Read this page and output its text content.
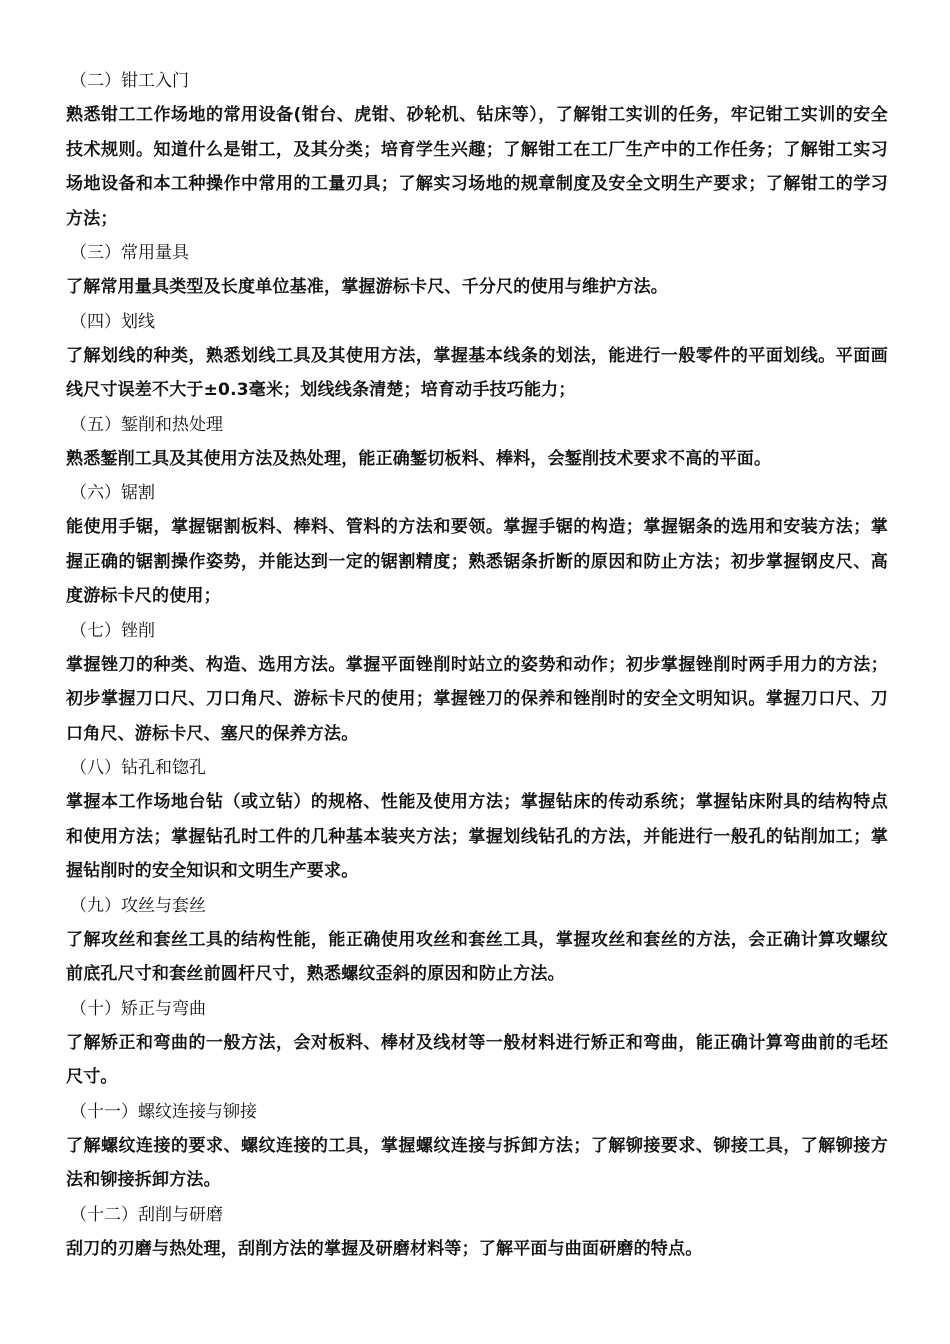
（二）钳工入门
熟悉钳工工作场地的常用设备(钳台、虎钳、砂轮机、钻床等），了解钳工实训的任务，牢记钳工实训的安全技术规则。知道什么是钳工，及其分类；培育学生兴趣；了解钳工在工厂生产中的工作任务；了解钳工实习场地设备和本工种操作中常用的工量刃具；了解实习场地的规章制度及安全文明生产要求；了解钳工的学习方法；
（三）常用量具
了解常用量具类型及长度单位基准，掌握游标卡尺、千分尺的使用与维护方法。
（四）划线
了解划线的种类，熟悉划线工具及其使用方法，掌握基本线条的划法，能进行一般零件的平面划线。平面画线尺寸误差不大于±0.3毫米；划线线条清楚；培育动手技巧能力；
（五）錾削和热处理
熟悉錾削工具及其使用方法及热处理，能正确錾切板料、棒料，会錾削技术要求不高的平面。
（六）锯割
能使用手锯，掌握锯割板料、棒料、管料的方法和要领。掌握手锯的构造；掌握锯条的选用和安装方法；掌握正确的锯割操作姿势，并能达到一定的锯割精度；熟悉锯条折断的原因和防止方法；初步掌握钢皮尺、高度游标卡尺的使用；
（七）锉削
掌握锉刀的种类、构造、选用方法。掌握平面锉削时站立的姿势和动作；初步掌握锉削时两手用力的方法；初步掌握刀口尺、刀口角尺、游标卡尺的使用；掌握锉刀的保养和锉削时的安全文明知识。掌握刀口尺、刀口角尺、游标卡尺、塞尺的保养方法。
（八）钻孔和锪孔
掌握本工作场地台钻（或立钻）的规格、性能及使用方法；掌握钻床的传动系统；掌握钻床附具的结构特点和使用方法；掌握钻孔时工件的几种基本装夹方法；掌握划线钻孔的方法，并能进行一般孔的钻削加工；掌握钻削时的安全知识和文明生产要求。
（九）攻丝与套丝
了解攻丝和套丝工具的结构性能，能正确使用攻丝和套丝工具，掌握攻丝和套丝的方法，会正确计算攻螺纹前底孔尺寸和套丝前圆杆尺寸，熟悉螺纹歪斜的原因和防止方法。
（十）矫正与弯曲
了解矫正和弯曲的一般方法，会对板料、棒材及线材等一般材料进行矫正和弯曲，能正确计算弯曲前的毛坯尺寸。
（十一）螺纹连接与铆接
了解螺纹连接的要求、螺纹连接的工具，掌握螺纹连接与拆卸方法；了解铆接要求、铆接工具，了解铆接方法和铆接拆卸方法。
（十二）刮削与研磨
刮刀的刃磨与热处理，刮削方法的掌握及研磨材料等；了解平面与曲面研磨的特点。
